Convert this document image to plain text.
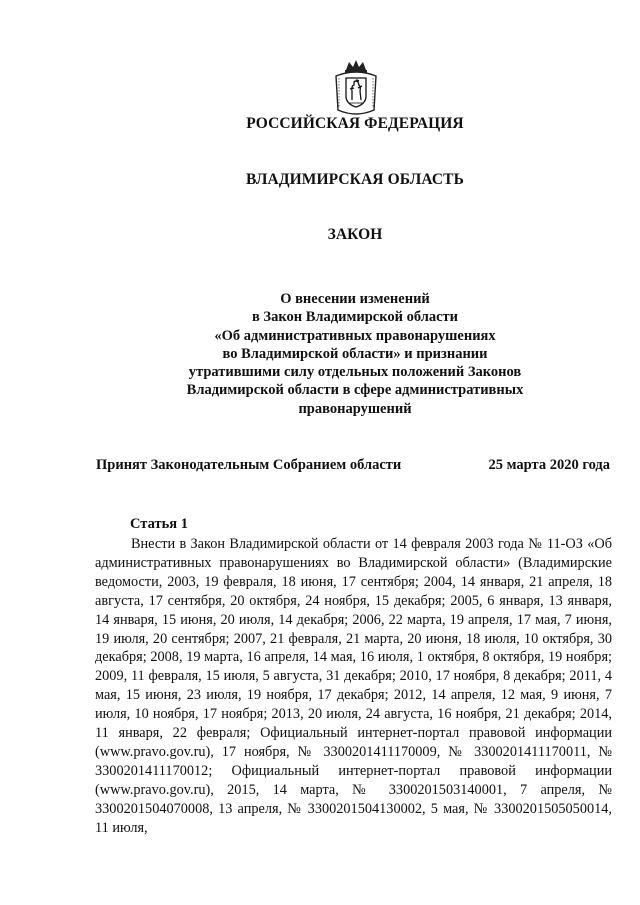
РОССИЙСКАЯ ФЕДЕРАЦИЯ
ВЛАДИМИРСКАЯ ОБЛАСТЬ
ЗАКОН
О внесении изменений
в Закон Владимирской области
«Об административных правонарушениях
во Владимирской области» и признании
утратившими силу отдельных положений Законов
Владимирской области в сфере административных
правонарушений
Принят Законодательным Собранием области	25 марта 2020 года
Статья 1

Внести в Закон Владимирской области от 14 февраля 2003 года № 11-ОЗ «Об административных правонарушениях во Владимирской области» (Владимирские ведомости, 2003, 19 февраля, 18 июня, 17 сентября; 2004, 14 января, 21 апреля, 18 августа, 17 сентября, 20 октября, 24 ноября, 15 декабря; 2005, 6 января, 13 января, 14 января, 15 июня, 20 июля, 14 декабря; 2006, 22 марта, 19 апреля, 17 мая, 7 июня, 19 июля, 20 сентября; 2007, 21 февраля, 21 марта, 20 июня, 18 июля, 10 октября, 30 декабря; 2008, 19 марта, 16 апреля, 14 мая, 16 июля, 1 октября, 8 октября, 19 ноября; 2009, 11 февраля, 15 июля, 5 августа, 31 декабря; 2010, 17 ноября, 8 декабря; 2011, 4 мая, 15 июня, 23 июля, 19 ноября, 17 декабря; 2012, 14 апреля, 12 мая, 9 июня, 7 июля, 10 ноября, 17 ноября; 2013, 20 июля, 24 августа, 16 ноября, 21 декабря; 2014, 11 января, 22 февраля; Официальный интернет-портал правовой информации (www.pravo.gov.ru), 17 ноября, № 3300201411170009, № 3300201411170011, № 3300201411170012; Официальный интернет-портал правовой информации (www.pravo.gov.ru), 2015, 14 марта, № 3300201503140001, 7 апреля, № 3300201504070008, 13 апреля, № 3300201504130002, 5 мая, № 3300201505050014, 11 июля,
